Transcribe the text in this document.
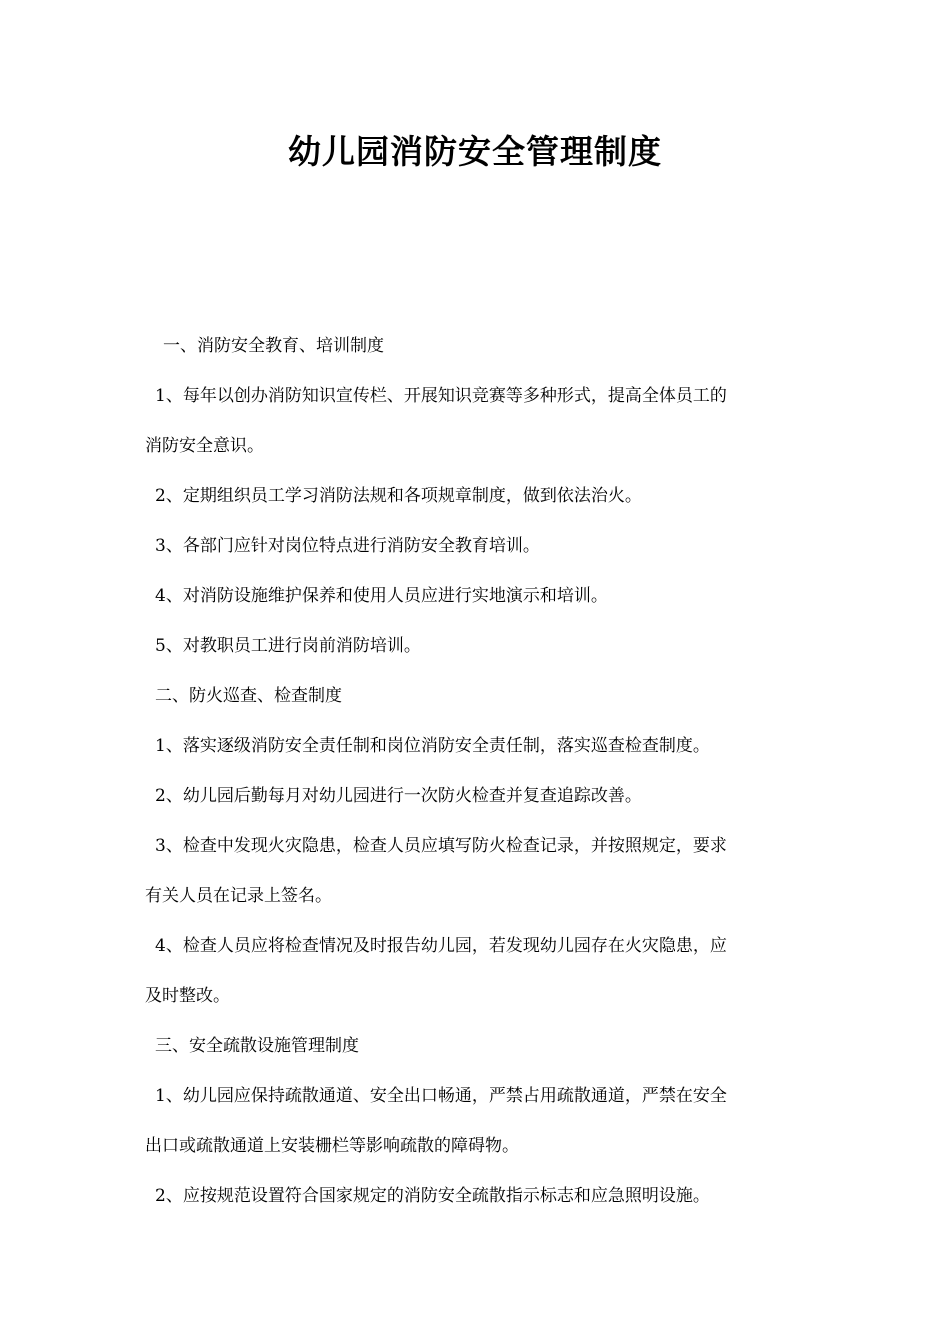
幼儿园消防安全管理制度

一、消防安全教育、培训制度

1、每年以创办消防知识宣传栏、开展知识竞赛等多种形式，提高全体员工的

消防安全意识。

2、定期组织员工学习消防法规和各项规章制度，做到依法治火。

3、各部门应针对岗位特点进行消防安全教育培训。

4、对消防设施维护保养和使用人员应进行实地演示和培训。

5、对教职员工进行岗前消防培训。

二、防火巡查、检查制度

1、落实逐级消防安全责任制和岗位消防安全责任制，落实巡查检查制度。

2、幼儿园后勤每月对幼儿园进行一次防火检查并复查追踪改善。

3、检查中发现火灾隐患，检查人员应填写防火检查记录，并按照规定，要求

有关人员在记录上签名。

4、检查人员应将检查情况及时报告幼儿园，若发现幼儿园存在火灾隐患，应

及时整改。

三、安全疏散设施管理制度

1、幼儿园应保持疏散通道、安全出口畅通，严禁占用疏散通道，严禁在安全

出口或疏散通道上安装栅栏等影响疏散的障碍物。

2、应按规范设置符合国家规定的消防安全疏散指示标志和应急照明设施。
